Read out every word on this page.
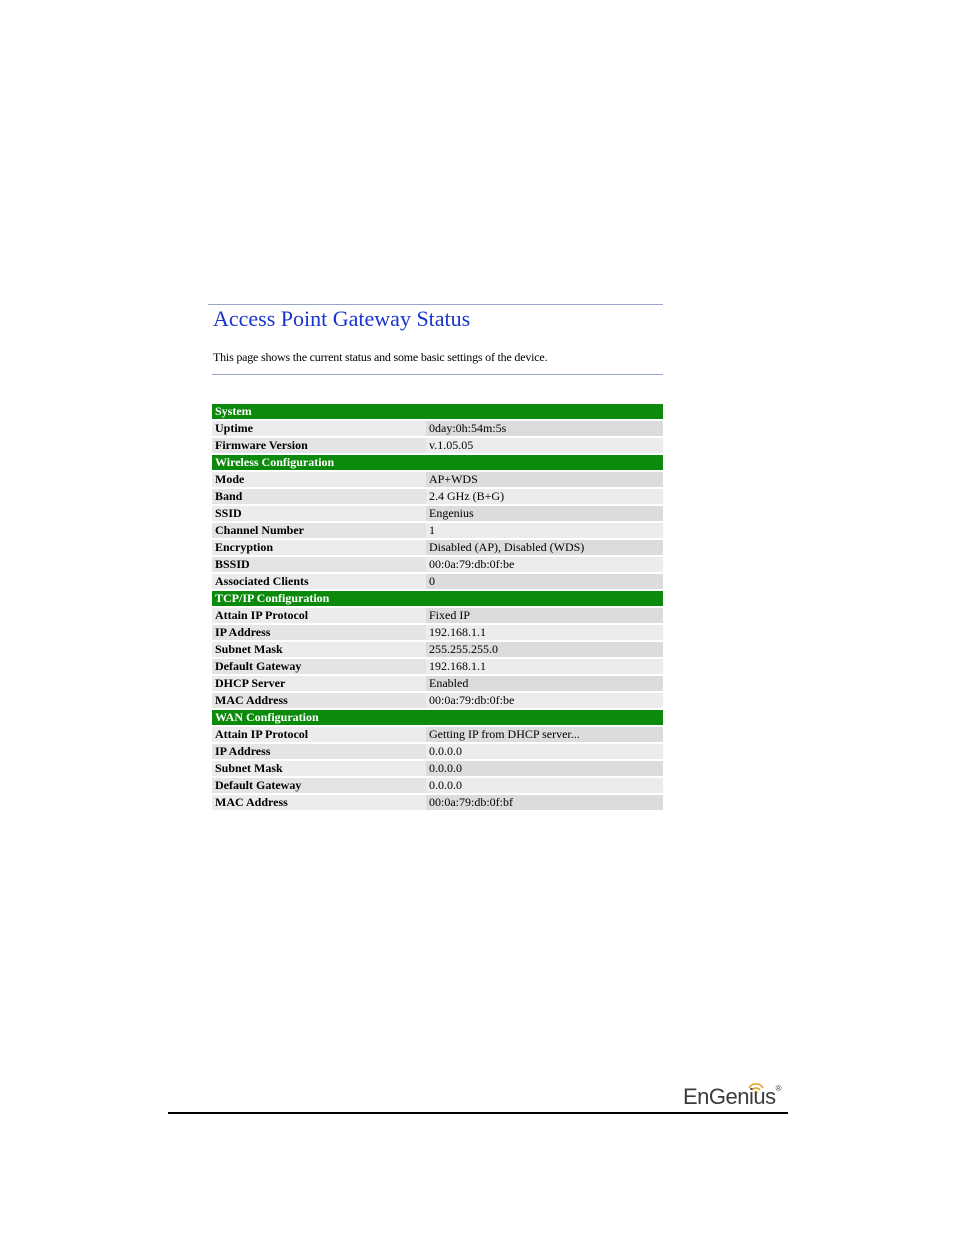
Access Point Gateway Status
This page shows the current status and some basic settings of the device.
System	
Uptime	0day:0h:54m:5s
Firmware Version	v.1.05.05
Wireless Configuration	
Mode	AP+WDS
Band	2.4 GHz (B+G)
SSID	Engenius
Channel Number	1
Encryption	Disabled (AP), Disabled (WDS)
BSSID	00:0a:79:db:0f:be
Associated Clients	0
TCP/IP Configuration	
Attain IP Protocol	Fixed IP
IP Address	192.168.1.1
Subnet Mask	255.255.255.0
Default Gateway	192.168.1.1
DHCP Server	Enabled
MAC Address	00:0a:79:db:0f:be
WAN Configuration	
Attain IP Protocol	Getting IP from DHCP server...
IP Address	0.0.0.0
Subnet Mask	0.0.0.0
Default Gateway	0.0.0.0
MAC Address	00:0a:79:db:0f:bf
EnGenius®
